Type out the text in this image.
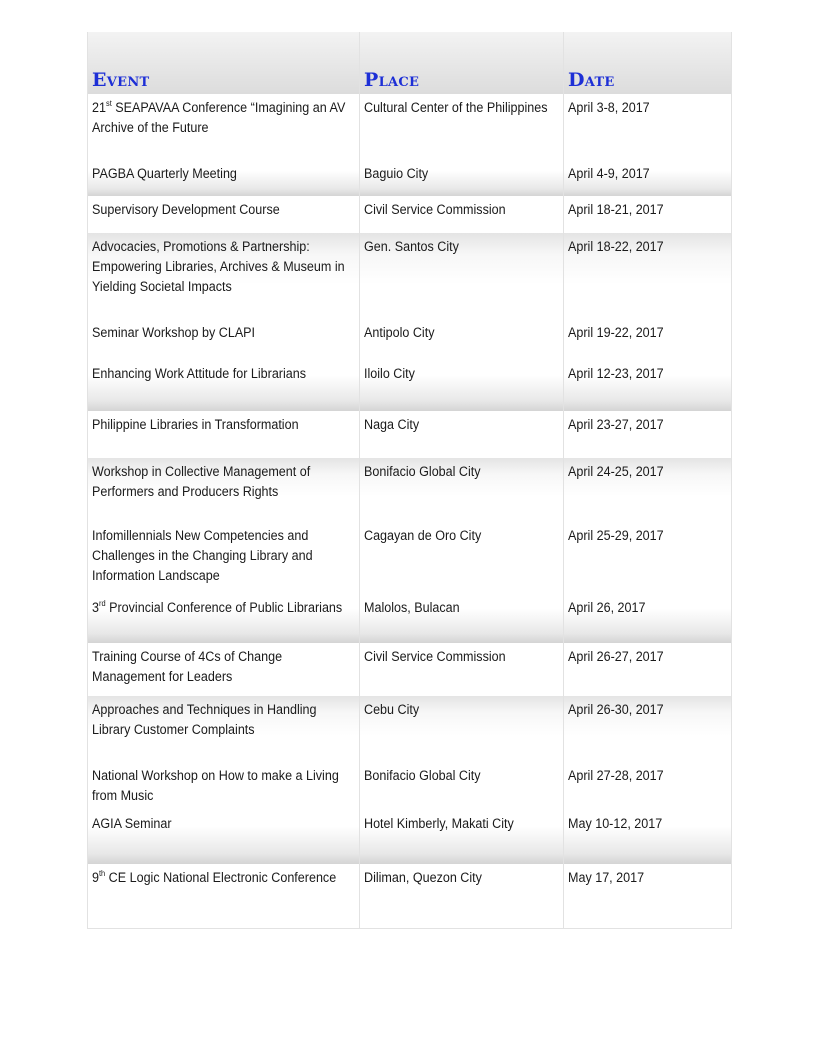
Event	Place	Date
21st SEAPAVAA Conference “Imagining an AV Archive of the Future	Cultural Center of the Philippines	April 3-8, 2017
PAGBA Quarterly Meeting	Baguio City	April 4-9, 2017
Supervisory Development Course	Civil Service Commission	April 18-21, 2017
Advocacies, Promotions & Partnership: Empowering Libraries, Archives & Museum in Yielding Societal Impacts	Gen. Santos City	April 18-22, 2017
Seminar Workshop by CLAPI	Antipolo City	April 19-22, 2017
Enhancing Work Attitude for Librarians	Iloilo City	April 12-23, 2017
Philippine Libraries in Transformation	Naga City	April 23-27, 2017
Workshop in Collective Management of Performers and Producers Rights	Bonifacio Global City	April 24-25, 2017
Infomillennials New Competencies and Challenges in the Changing Library and Information Landscape	Cagayan de Oro City	April 25-29, 2017
3rd Provincial Conference of Public Librarians	Malolos, Bulacan	April 26, 2017
Training Course of 4Cs of Change Management for Leaders	Civil Service Commission	April 26-27, 2017
Approaches and Techniques in Handling Library Customer Complaints	Cebu City	April 26-30, 2017
National Workshop on How to make a Living from Music	Bonifacio Global City	April 27-28, 2017
AGIA Seminar	Hotel Kimberly, Makati City	May 10-12, 2017
9th CE Logic National Electronic Conference	Diliman, Quezon City	May 17, 2017
